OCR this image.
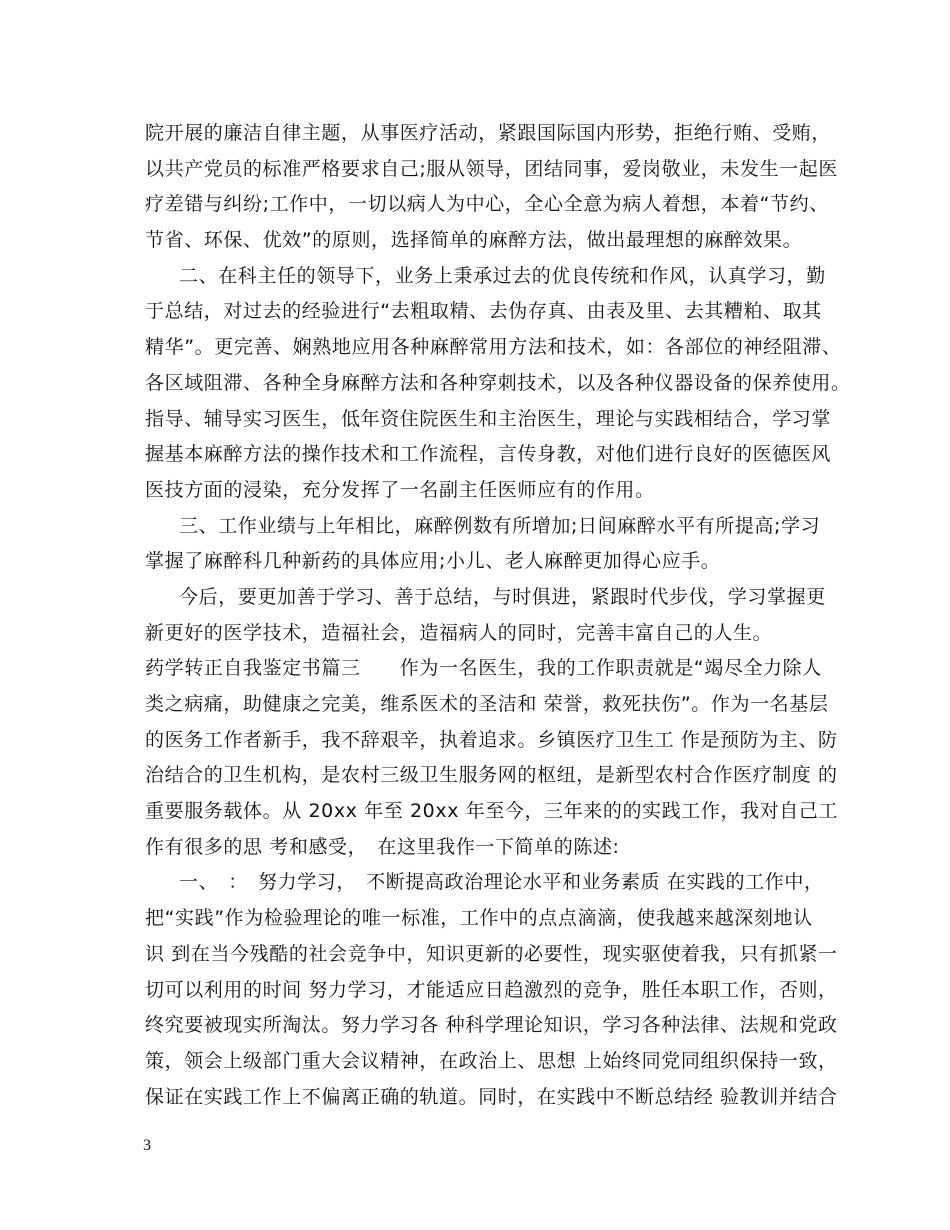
院开展的廉洁自律主题，从事医疗活动，紧跟国际国内形势，拒绝行贿、受贿，
以共产党员的标准严格要求自己;服从领导，团结同事，爱岗敬业，未发生一起医
疗差错与纠纷;工作中，一切以病人为中心，全心全意为病人着想，本着“节约、
节省、环保、优效”的原则，选择简单的麻醉方法，做出最理想的麻醉效果。
二、在科主任的领导下，业务上秉承过去的优良传统和作风，认真学习，勤
于总结，对过去的经验进行“去粗取精、去伪存真、由表及里、去其糟粕、取其
精华”。更完善、娴熟地应用各种麻醉常用方法和技术，如：各部位的神经阻滞、
各区域阻滞、各种全身麻醉方法和各种穿刺技术，以及各种仪器设备的保养使用。
指导、辅导实习医生，低年资住院医生和主治医生，理论与实践相结合，学习掌
握基本麻醉方法的操作技术和工作流程，言传身教，对他们进行良好的医德医风
医技方面的浸染，充分发挥了一名副主任医师应有的作用。
三、工作业绩与上年相比，麻醉例数有所增加;日间麻醉水平有所提高;学习
掌握了麻醉科几种新药的具体应用;小儿、老人麻醉更加得心应手。
今后，要更加善于学习、善于总结，与时俱进，紧跟时代步伐，学习掌握更
新更好的医学技术，造福社会，造福病人的同时，完善丰富自己的人生。
药学转正自我鉴定书篇三　　作为一名医生，我的工作职责就是“竭尽全力除人
类之病痛，助健康之完美，维系医术的圣洁和 荣誉，救死扶伤”。作为一名基层
的医务工作者新手，我不辞艰辛，执着追求。乡镇医疗卫生工 作是预防为主、防
治结合的卫生机构，是农村三级卫生服务网的枢纽，是新型农村合作医疗制度 的
重要服务载体。从 20xx 年至 20xx 年至今，三年来的的实践工作，我对自己工
作有很多的思 考和感受，　在这里我作一下简单的陈述:
一、　：　努力学习，　不断提高政治理论水平和业务素质 在实践的工作中，
把“实践”作为检验理论的唯一标准，工作中的点点滴滴，使我越来越深刻地认
识 到在当今残酷的社会竞争中，知识更新的必要性，现实驱使着我，只有抓紧一
切可以利用的时间 努力学习，才能适应日趋激烈的竞争，胜任本职工作，否则，
终究要被现实所淘汰。努力学习各 种科学理论知识，学习各种法律、法规和党政
策，领会上级部门重大会议精神，在政治上、思想 上始终同党同组织保持一致，
保证在实践工作上不偏离正确的轨道。同时，在实践中不断总结经 验教训并结合
3
